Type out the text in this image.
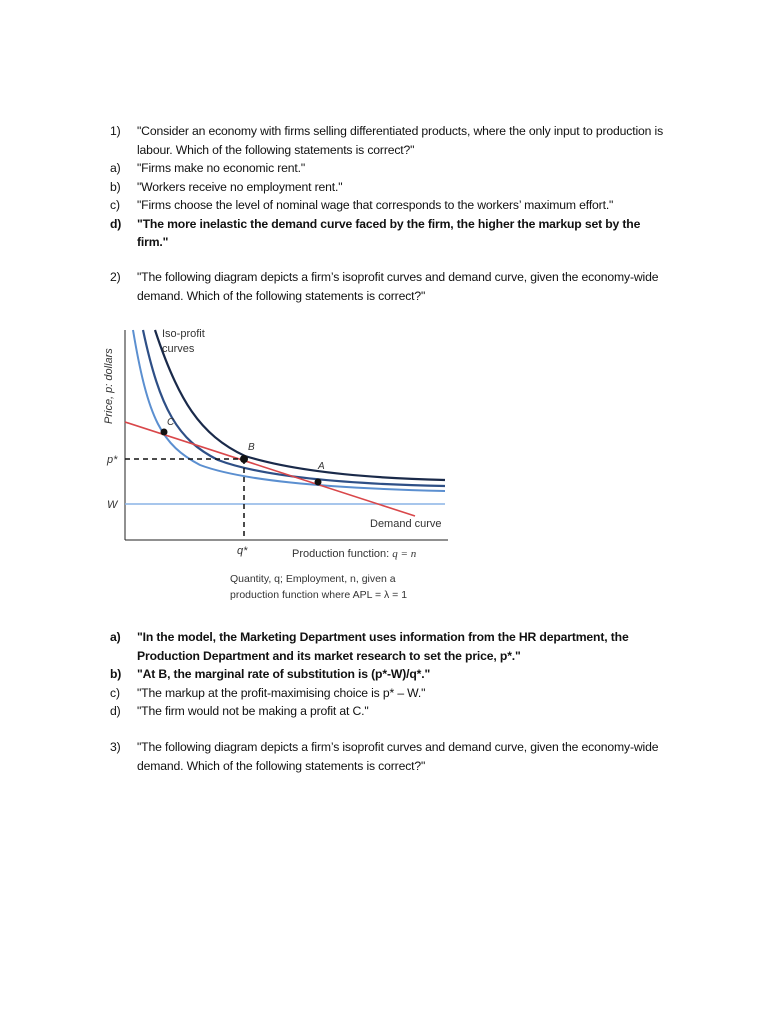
1)	"Consider an economy with firms selling differentiated products, where the only input to production is labour. Which of the following statements is correct?"
a)	"Firms make no economic rent."
b)	"Workers receive no employment rent."
c)	"Firms choose the level of nominal wage that corresponds to the workers’ maximum effort."
d)	"The more inelastic the demand curve faced by the firm, the higher the markup set by the firm."
2)	"The following diagram depicts a firm’s isoprofit curves and demand curve, given the economy-wide demand. Which of the following statements is correct?"
Price, p: dollars
W
C
B
A
p*
q*
Iso-profit
curves
Demand curve
Production function: q = n
Quantity, q; Employment, n, given a
production function where APL = λ = 1
a)	"In the model, the Marketing Department uses information from the HR department, the Production Department and its market research to set the price, p*."
b)	"At B, the marginal rate of substitution is (p*-W)/q*."
c)	"The markup at the profit-maximising choice is p* – W."
d)	"The firm would not be making a profit at C."
3)	"The following diagram depicts a firm’s isoprofit curves and demand curve, given the economy-wide demand. Which of the following statements is correct?"
